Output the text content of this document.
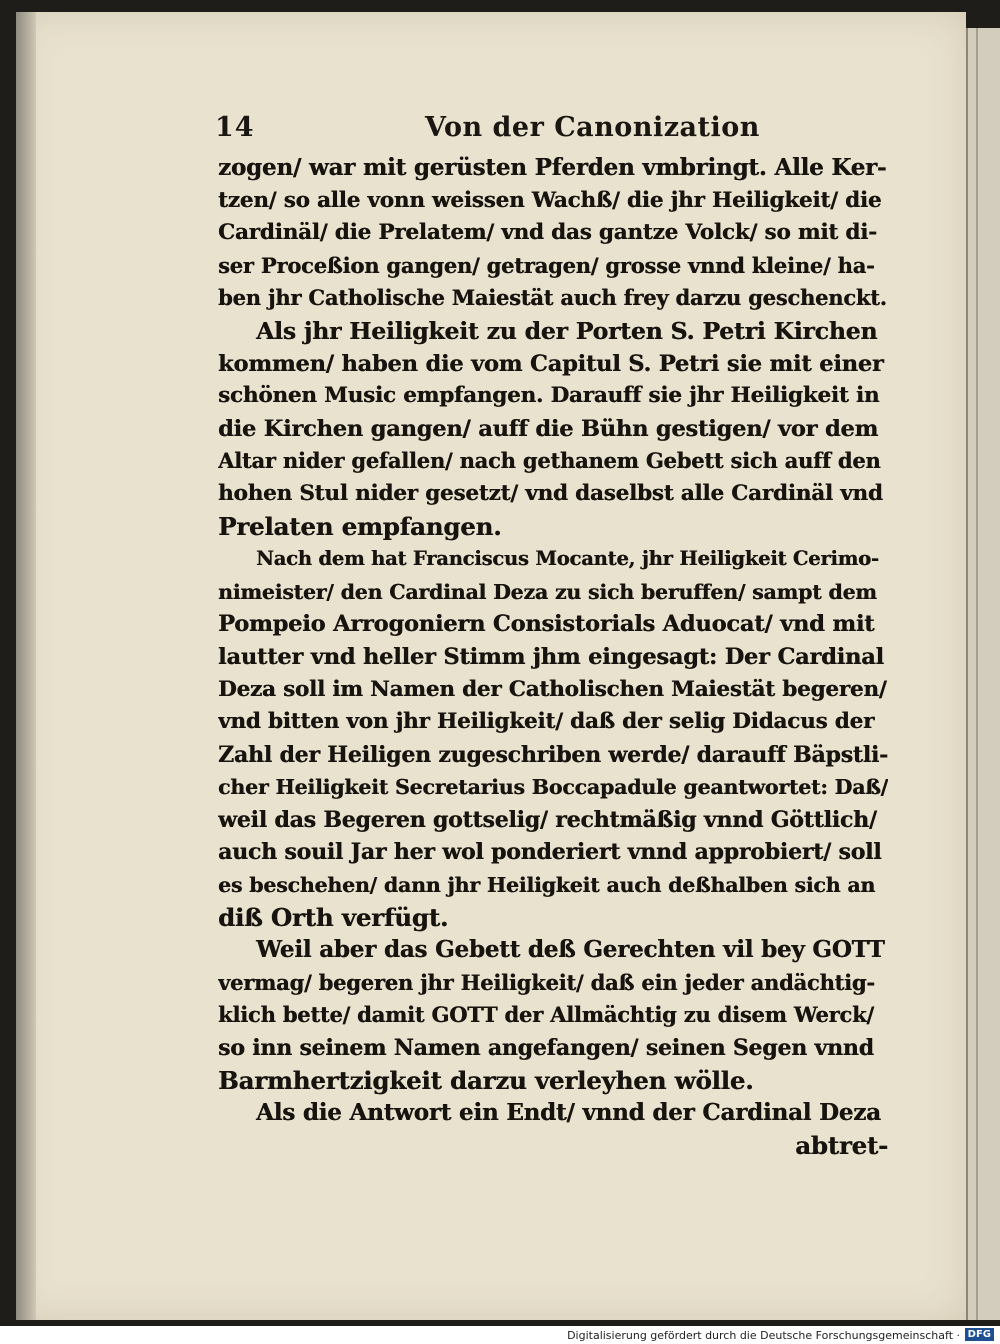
14	Von der Canonization
zogen/ war mit gerüsten Pferden vmbringt. Alle Ker-
tzen/ so alle vonn weissen Wachß/ die jhr Heiligkeit/ die
Cardinäl/ die Prelatem/ vnd das gantze Volck/ so mit di-
ser Proceßion gangen/ getragen/ grosse vnnd kleine/ ha-
ben jhr Catholische Maiestät auch frey darzu geschenckt.
Als jhr Heiligkeit zu der Porten S. Petri Kirchen
kommen/ haben die vom Capitul S. Petri sie mit einer
schönen Music empfangen. Darauff sie jhr Heiligkeit in
die Kirchen gangen/ auff die Bühn gestigen/ vor dem
Altar nider gefallen/ nach gethanem Gebett sich auff den
hohen Stul nider gesetzt/ vnd daselbst alle Cardinäl vnd
Prelaten empfangen.
Nach dem hat Franciscus Mocante, jhr Heiligkeit Cerimo-
nimeister/ den Cardinal Deza zu sich beruffen/ sampt dem
Pompeio Arrogoniern Consistorials Aduocat/ vnd mit
lautter vnd heller Stimm jhm eingesagt: Der Cardinal
Deza soll im Namen der Catholischen Maiestät begeren/
vnd bitten von jhr Heiligkeit/ daß der selig Didacus der
Zahl der Heiligen zugeschriben werde/ darauff Bäpstli-
cher Heiligkeit Secretarius Boccapadule geantwortet: Daß/
weil das Begeren gottselig/ rechtmäßig vnnd Göttlich/
auch souil Jar her wol ponderiert vnnd approbiert/ soll
es beschehen/ dann jhr Heiligkeit auch deßhalben sich an
diß Orth verfügt.
Weil aber das Gebett deß Gerechten vil bey GOTT
vermag/ begeren jhr Heiligkeit/ daß ein jeder andächtig-
klich bette/ damit GOTT der Allmächtig zu disem Werck/
so inn seinem Namen angefangen/ seinen Segen vnnd
Barmhertzigkeit darzu verleyhen wölle.
Als die Antwort ein Endt/ vnnd der Cardinal Deza
abtret-
Digitalisierung gefördert durch die Deutsche Forschungsgemeinschaft · DFG
